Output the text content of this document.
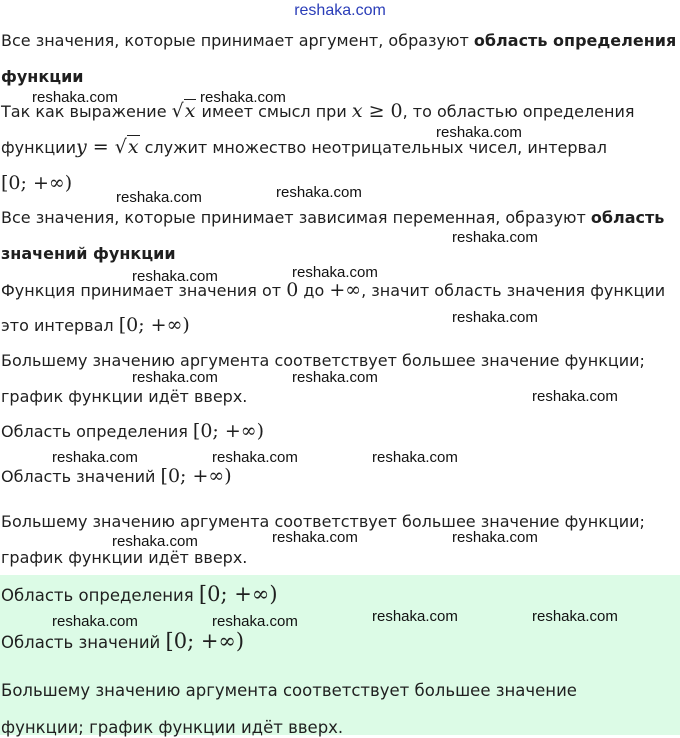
reshaka.com
Все значения, которые принимает аргумент, образуют область определения
функции
Так как выражение √x имеет смысл при x ≥ 0, то областью определения
функцииy = √x служит множество неотрицательных чисел, интервал
[0; +∞)
Все значения, которые принимает зависимая переменная, образуют область
значений функции
Функция принимает значения от 0 до +∞, значит область значения функции
это интервал [0; +∞)
Большему значению аргумента соответствует большее значение функции;
график функции идёт вверх.
Область определения [0; +∞)
Область значений [0; +∞)
Большему значению аргумента соответствует большее значение функции;
график функции идёт вверх.
Область определения [0; +∞)
Область значений [0; +∞)
Большему значению аргумента соответствует большее значение
функции; график функции идёт вверх.
reshaka.com	reshaka.com
reshaka.com
reshaka.com	reshaka.com
reshaka.com
reshaka.com	reshaka.com
reshaka.com
reshaka.com	reshaka.com
reshaka.com
reshaka.com	reshaka.com	reshaka.com
reshaka.com	reshaka.com	reshaka.com
reshaka.com	reshaka.com	reshaka.com	reshaka.com
